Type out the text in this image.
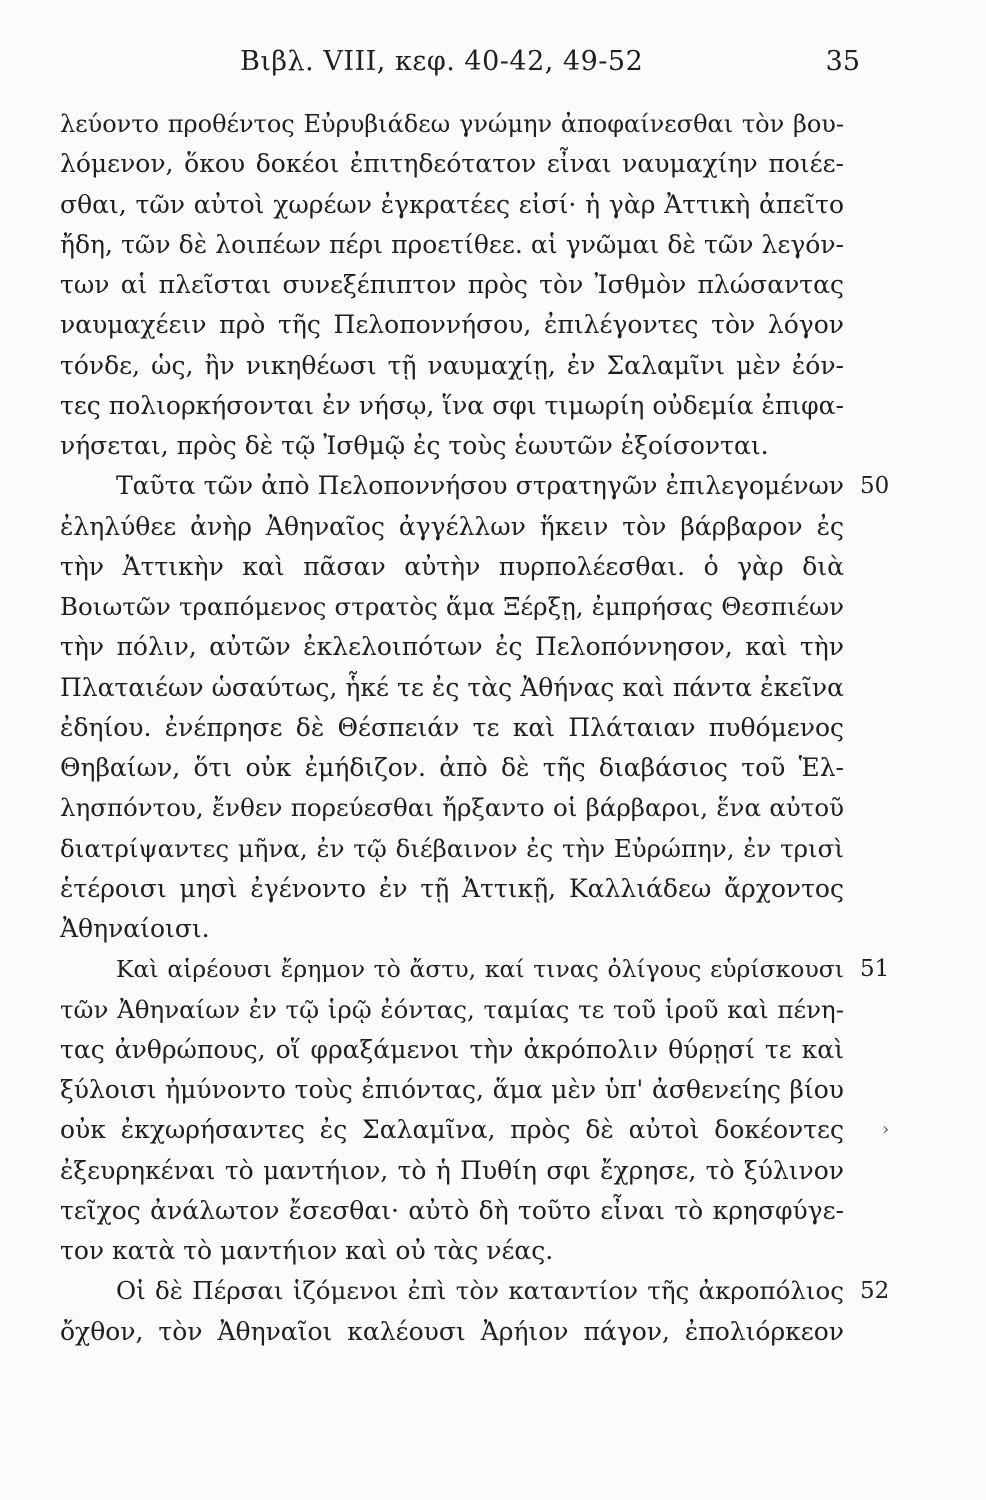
Βιβλ. VIII, κεφ. 40-42, 49-52	35
λεύοντο προθέντος Εὐρυβιάδεω γνώμην ἀποφαίνεσθαι τὸν βου-
λόμενον, ὅκου δοκέοι ἐπιτηδεότατον εἶναι ναυμαχίην ποιέε-
σθαι, τῶν αὐτοὶ χωρέων ἐγκρατέες εἰσί· ἡ γὰρ Ἀττικὴ ἀπεῖτο
ἤδη, τῶν δὲ λοιπέων πέρι προετίθεε. αἱ γνῶμαι δὲ τῶν λεγόν-
των αἱ πλεῖσται συνεξέπιπτον πρὸς τὸν Ἰσθμὸν πλώσαντας
ναυμαχέειν πρὸ τῆς Πελοποννήσου, ἐπιλέγοντες τὸν λόγον
τόνδε, ὡς, ἢν νικηθέωσι τῇ ναυμαχίῃ, ἐν Σαλαμῖνι μὲν ἐόν-
τες πολιορκήσονται ἐν νήσῳ, ἵνα σφι τιμωρίη οὐδεμία ἐπιφα-
νήσεται, πρὸς δὲ τῷ Ἰσθμῷ ἐς τοὺς ἑωυτῶν ἐξοίσονται.
Ταῦτα τῶν ἀπὸ Πελοποννήσου στρατηγῶν ἐπιλεγομένων 50
ἐληλύθεε ἀνὴρ Ἀθηναῖος ἀγγέλλων ἥκειν τὸν βάρβαρον ἐς
τὴν Ἀττικὴν καὶ πᾶσαν αὐτὴν πυρπολέεσθαι. ὁ γὰρ διὰ
Βοιωτῶν τραπόμενος στρατὸς ἅμα Ξέρξῃ, ἐμπρήσας Θεσπιέων
τὴν πόλιν, αὐτῶν ἐκλελοιπότων ἐς Πελοπόννησον, καὶ τὴν
Πλαταιέων ὡσαύτως, ἧκέ τε ἐς τὰς Ἀθήνας καὶ πάντα ἐκεῖνα
ἐδηίου. ἐνέπρησε δὲ Θέσπειάν τε καὶ Πλάταιαν πυθόμενος
Θηβαίων, ὅτι οὐκ ἐμήδιζον. ἀπὸ δὲ τῆς διαβάσιος τοῦ Ἑλ-
λησπόντου, ἔνθεν πορεύεσθαι ἤρξαντο οἱ βάρβαροι, ἕνα αὐτοῦ
διατρίψαντες μῆνα, ἐν τῷ διέβαινον ἐς τὴν Εὐρώπην, ἐν τρισὶ
ἑτέροισι μησὶ ἐγένοντο ἐν τῇ Ἀττικῇ, Καλλιάδεω ἄρχοντος
Ἀθηναίοισι.
Καὶ αἱρέουσι ἔρημον τὸ ἄστυ, καί τινας ὀλίγους εὑρίσκουσι 51
τῶν Ἀθηναίων ἐν τῷ ἱρῷ ἐόντας, ταμίας τε τοῦ ἱροῦ καὶ πένη-
τας ἀνθρώπους, οἵ φραξάμενοι τὴν ἀκρόπολιν θύρῃσί τε καὶ
ξύλοισι ἠμύνοντο τοὺς ἐπιόντας, ἅμα μὲν ὑπ' ἀσθενείης βίου
οὐκ ἐκχωρήσαντες ἐς Σαλαμῖνα, πρὸς δὲ αὐτοὶ δοκέοντες ›
ἐξευρηκέναι τὸ μαντήιον, τὸ ἡ Πυθίη σφι ἔχρησε, τὸ ξύλινον
τεῖχος ἀνάλωτον ἔσεσθαι· αὐτὸ δὴ τοῦτο εἶναι τὸ κρησφύγε-
τον κατὰ τὸ μαντήιον καὶ οὐ τὰς νέας.
Οἱ δὲ Πέρσαι ἱζόμενοι ἐπὶ τὸν καταντίον τῆς ἀκροπόλιος 52
ὄχθον, τὸν Ἀθηναῖοι καλέουσι Ἀρήιον πάγον, ἐπολιόρκεον
